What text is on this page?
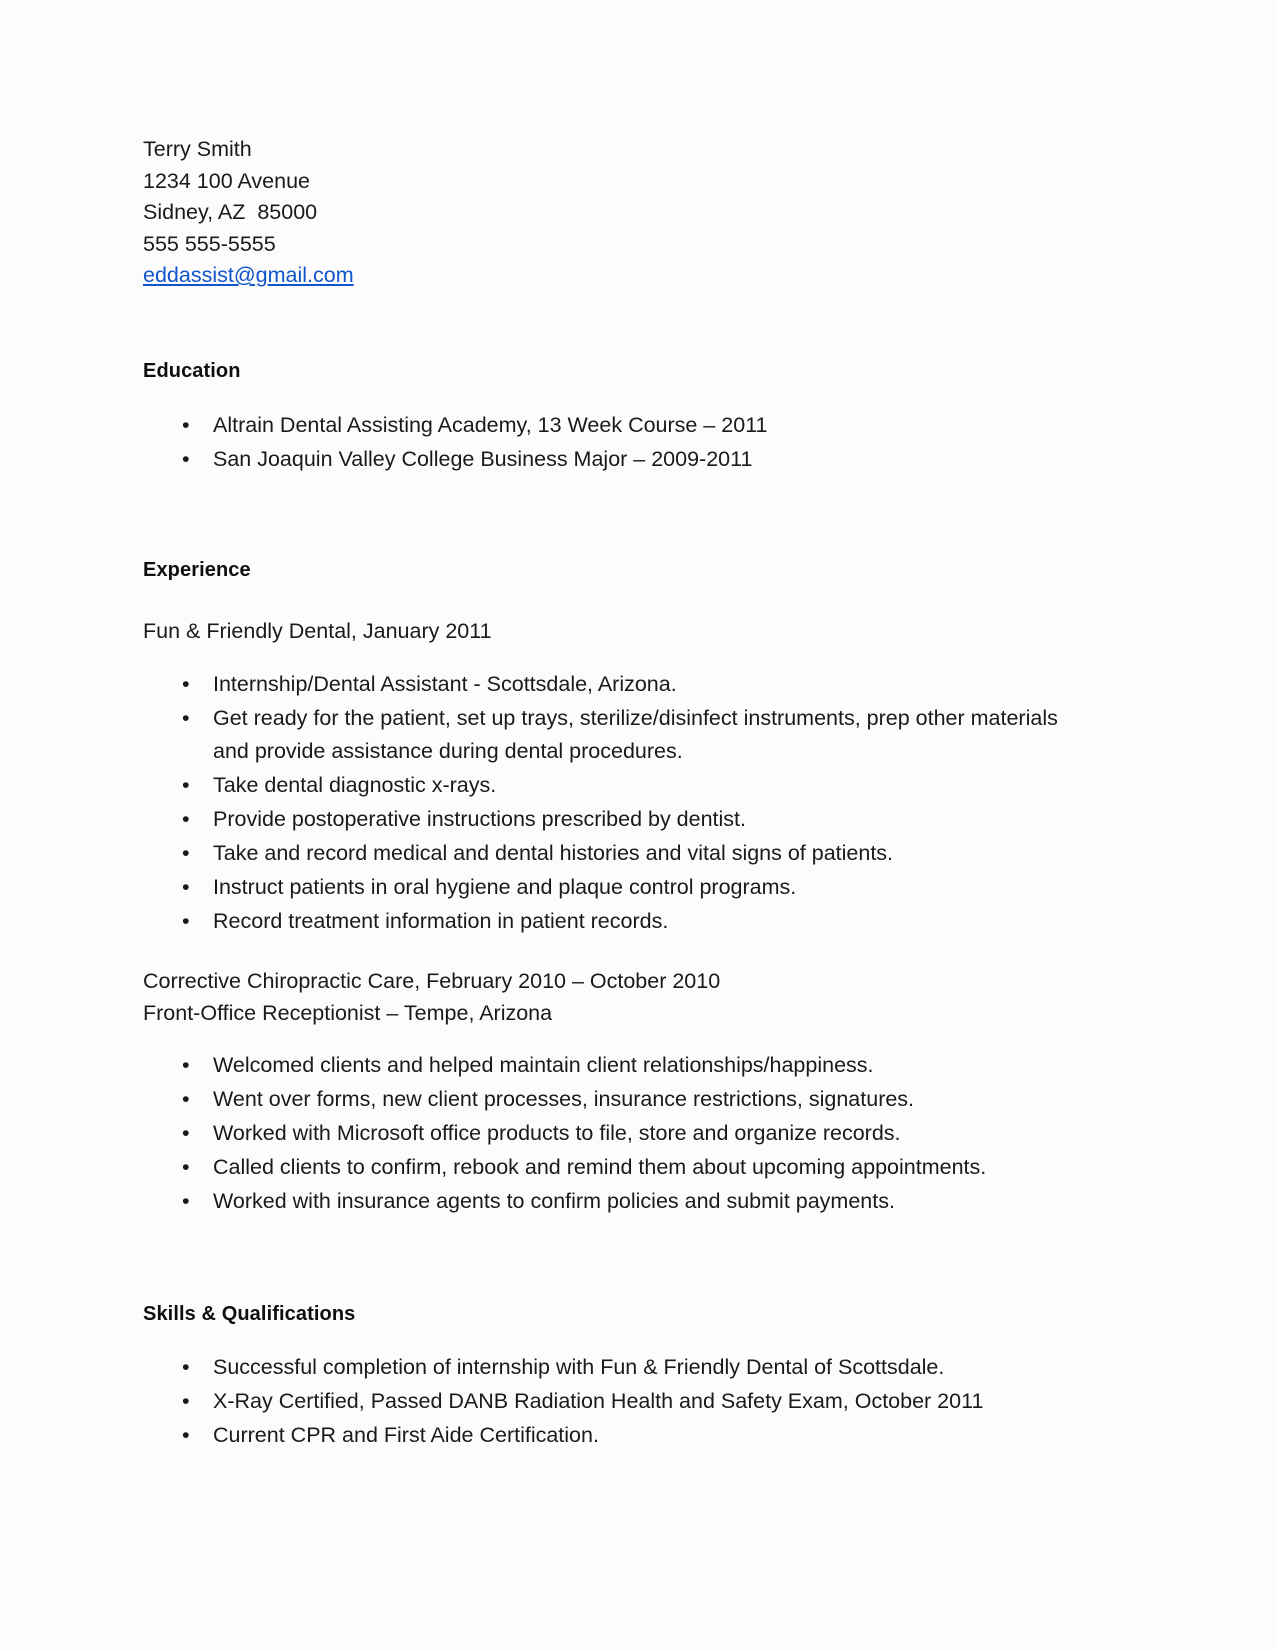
Terry Smith
1234 100 Avenue
Sidney, AZ  85000
555 555-5555
eddassist@gmail.com
Education
• Altrain Dental Assisting Academy, 13 Week Course – 2011
• San Joaquin Valley College Business Major – 2009-2011
Experience
Fun & Friendly Dental, January 2011
• Internship/Dental Assistant - Scottsdale, Arizona.
• Get ready for the patient, set up trays, sterilize/disinfect instruments, prep other materials and provide assistance during dental procedures.
• Take dental diagnostic x-rays.
• Provide postoperative instructions prescribed by dentist.
• Take and record medical and dental histories and vital signs of patients.
• Instruct patients in oral hygiene and plaque control programs.
• Record treatment information in patient records.
Corrective Chiropractic Care, February 2010 – October 2010
Front-Office Receptionist – Tempe, Arizona
• Welcomed clients and helped maintain client relationships/happiness.
• Went over forms, new client processes, insurance restrictions, signatures.
• Worked with Microsoft office products to file, store and organize records.
• Called clients to confirm, rebook and remind them about upcoming appointments.
• Worked with insurance agents to confirm policies and submit payments.
Skills & Qualifications
• Successful completion of internship with Fun & Friendly Dental of Scottsdale.
• X-Ray Certified, Passed DANB Radiation Health and Safety Exam, October 2011
• Current CPR and First Aide Certification.
